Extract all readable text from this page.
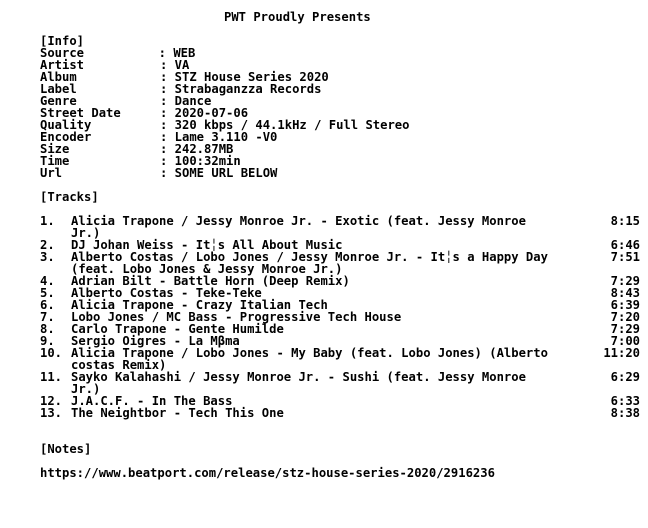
PWT Proudly Presents
[Info]
Source	: WEB
Artist	: VA
Album	: STZ House Series 2020
Label	: Strabaganzza Records
Genre	: Dance
Street Date	: 2020-07-06
Quality	: 320 kbps / 44.1kHz / Full Stereo
Encoder	: Lame 3.110 -V0
Size	: 242.87MB
Time	: 100:32min
Url	: SOME URL BELOW
[Tracks]
1. Alicia Trapone / Jessy Monroe Jr. - Exotic (feat. Jessy Monroe	8:15
Jr.)
2. DJ Johan Weiss - It╎s All About Music	6:46
3. Alberto Costas / Lobo Jones / Jessy Monroe Jr. - It╎s a Happy Day	7:51
(feat. Lobo Jones & Jessy Monroe Jr.)
4. Adrian Bilt - Battle Horn (Deep Remix)	7:29
5. Alberto Costas - Teke-Teke	8:43
6. Alicia Trapone - Crazy Italian Tech	6:39
7. Lobo Jones / MC Bass - Progressive Tech House	7:20
8. Carlo Trapone - Gente Humilde	7:29
9. Sergio Oigres - La Mβma	7:00
10. Alicia Trapone / Lobo Jones - My Baby (feat. Lobo Jones) (Alberto	11:20
costas Remix)
11. Sayko Kalahashi / Jessy Monroe Jr. - Sushi (feat. Jessy Monroe	6:29
Jr.)
12. J.A.C.F. - In The Bass	6:33
13. The Neightbor - Tech This One	8:38
[Notes]
https://www.beatport.com/release/stz-house-series-2020/2916236
